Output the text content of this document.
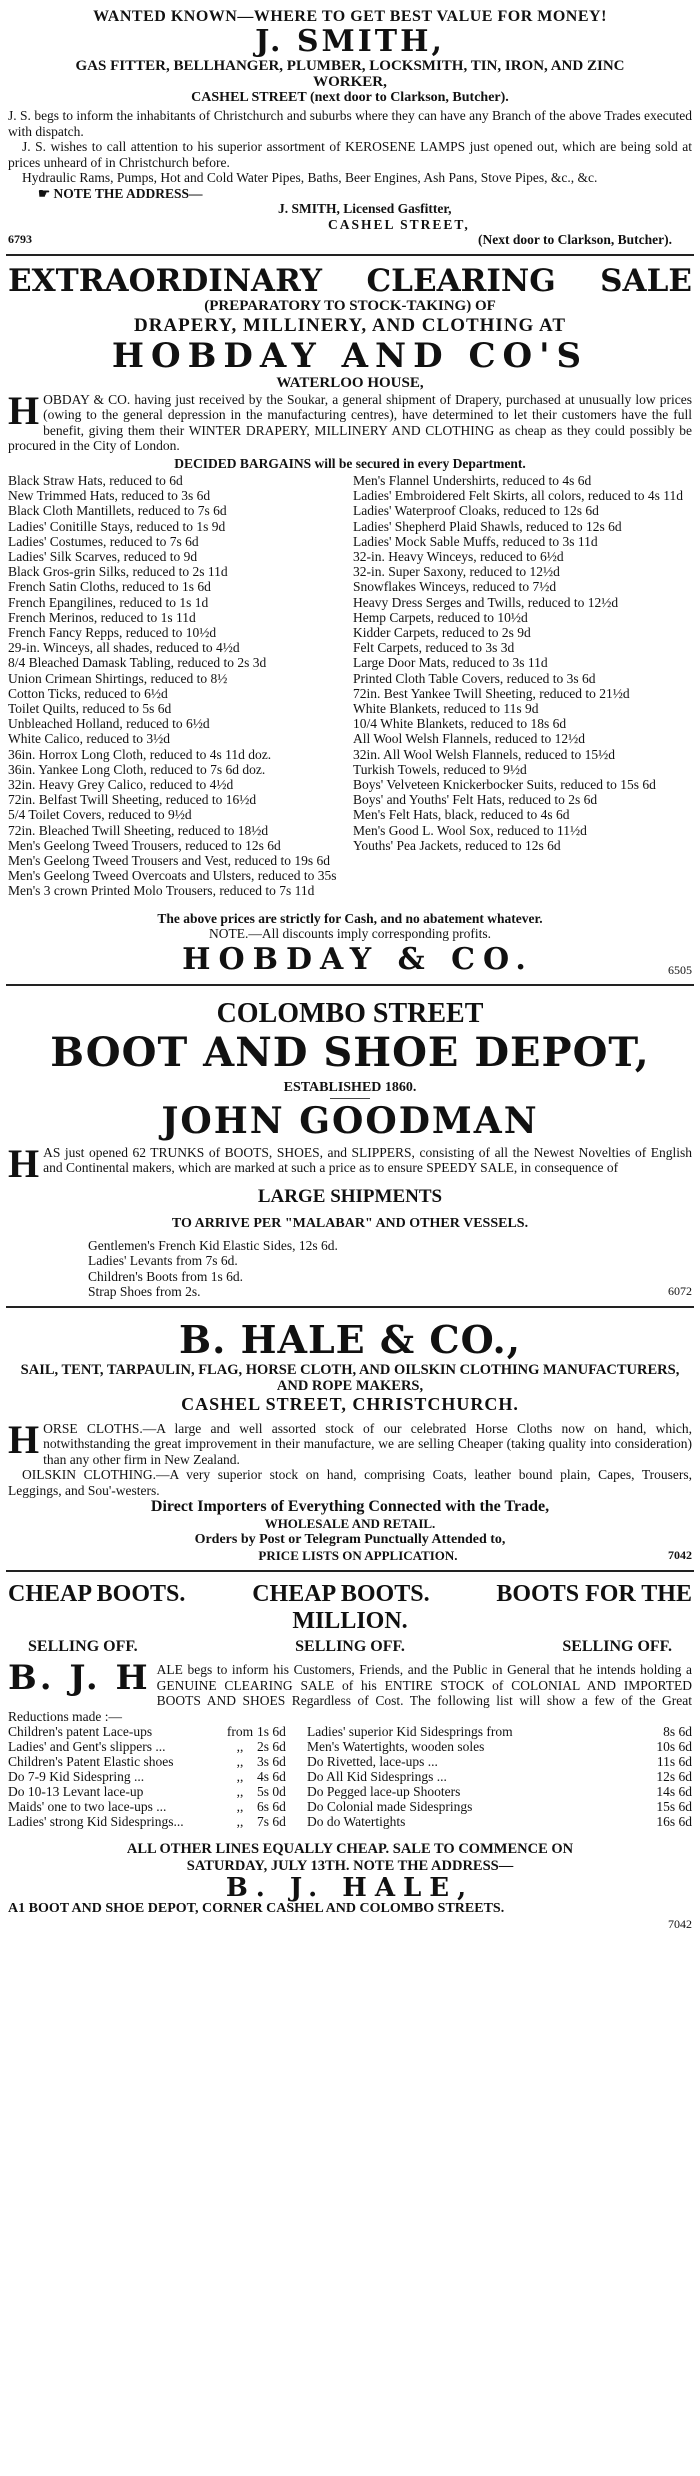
WANTED KNOWN—WHERE TO GET BEST VALUE FOR MONEY!
J. SMITH,
GAS FITTER, BELLHANGER, PLUMBER, LOCKSMITH, TIN, IRON, AND ZINC WORKER,
CASHEL STREET (next door to Clarkson, Butcher).
J. S. begs to inform the inhabitants of Christchurch and suburbs where they can have any Branch of the above Trades executed with dispatch.
J. S. wishes to call attention to his superior assortment of KEROSENE LAMPS just opened out, which are being sold at prices unheard of in Christchurch before.
Hydraulic Rams, Pumps, Hot and Cold Water Pipes, Baths, Beer Engines, Ash Pans, Stove Pipes, &c., &c.
☛ NOTE THE ADDRESS—
J. SMITH, Licensed Gasfitter,
CASHEL STREET,
6793	(Next door to Clarkson, Butcher).
EXTRAORDINARY CLEARING SALE
(PREPARATORY TO STOCK-TAKING) OF
DRAPERY, MILLINERY, AND CLOTHING AT
HOBDAY AND CO'S
WATERLOO HOUSE,
HOBDAY & CO. having just received by the Soukar, a general shipment of Drapery, purchased at unusually low prices (owing to the general depression in the manufacturing centres), have determined to let their customers have the full benefit, giving them their WINTER DRAPERY, MILLINERY AND CLOTHING as cheap as they could possibly be procured in the City of London.
DECIDED BARGAINS will be secured in every Department.
Black Straw Hats, reduced to 6d
New Trimmed Hats, reduced to 3s 6d
Black Cloth Mantillets, reduced to 7s 6d
Ladies' Conitille Stays, reduced to 1s 9d
Ladies' Costumes, reduced to 7s 6d
Ladies' Silk Scarves, reduced to 9d
Black Gros-grin Silks, reduced to 2s 11d
French Satin Cloths, reduced to 1s 6d
French Epangilines, reduced to 1s 1d
French Merinos, reduced to 1s 11d
French Fancy Repps, reduced to 10½d
29-in. Winceys, all shades, reduced to 4½d
8/4 Bleached Damask Tabling, reduced to 2s 3d
Union Crimean Shirtings, reduced to 8½
Cotton Ticks, reduced to 6½d
Toilet Quilts, reduced to 5s 6d
Unbleached Holland, reduced to 6½d
White Calico, reduced to 3½d
36in. Horrox Long Cloth, reduced to 4s 11d doz.
36in. Yankee Long Cloth, reduced to 7s 6d doz.
32in. Heavy Grey Calico, reduced to 4½d
72in. Belfast Twill Sheeting, reduced to 16½d
5/4 Toilet Covers, reduced to 9½d
72in. Bleached Twill Sheeting, reduced to 18½d
Men's Geelong Tweed Trousers, reduced to 12s 6d
Men's Geelong Tweed Trousers and Vest, reduced to 19s 6d
Men's Geelong Tweed Overcoats and Ulsters, reduced to 35s
Men's 3 crown Printed Molo Trousers, reduced to 7s 11d
Men's Flannel Undershirts, reduced to 4s 6d
Ladies' Embroidered Felt Skirts, all colors, reduced to 4s 11d
Ladies' Waterproof Cloaks, reduced to 12s 6d
Ladies' Shepherd Plaid Shawls, reduced to 12s 6d
Ladies' Mock Sable Muffs, reduced to 3s 11d
32-in. Heavy Winceys, reduced to 6½d
32-in. Super Saxony, reduced to 12½d
Snowflakes Winceys, reduced to 7½d
Heavy Dress Serges and Twills, reduced to 12½d
Hemp Carpets, reduced to 10½d
Kidder Carpets, reduced to 2s 9d
Felt Carpets, reduced to 3s 3d
Large Door Mats, reduced to 3s 11d
Printed Cloth Table Covers, reduced to 3s 6d
72in. Best Yankee Twill Sheeting, reduced to 21½d
White Blankets, reduced to 11s 9d
10/4 White Blankets, reduced to 18s 6d
All Wool Welsh Flannels, reduced to 12½d
32in. All Wool Welsh Flannels, reduced to 15½d
Turkish Towels, reduced to 9½d
Boys' Velveteen Knickerbocker Suits, reduced to 15s 6d
Boys' and Youths' Felt Hats, reduced to 2s 6d
Men's Felt Hats, black, reduced to 4s 6d
Men's Good L. Wool Sox, reduced to 11½d
Youths' Pea Jackets, reduced to 12s 6d
The above prices are strictly for Cash, and no abatement whatever.
NOTE.—All discounts imply corresponding profits.
HOBDAY & CO.	6505
COLOMBO STREET
BOOT AND SHOE DEPOT,
ESTABLISHED 1860.
JOHN GOODMAN
HAS just opened 62 TRUNKS of BOOTS, SHOES, and SLIPPERS, consisting of all the Newest Novelties of English and Continental makers, which are marked at such a price as to ensure SPEEDY SALE, in consequence of
LARGE SHIPMENTS
TO ARRIVE PER "MALABAR" AND OTHER VESSELS.
Gentlemen's French Kid Elastic Sides, 12s 6d.
Ladies' Levants from 7s 6d.
Children's Boots from 1s 6d.
Strap Shoes from 2s.	6072
B. HALE & CO.,
SAIL, TENT, TARPAULIN, FLAG, HORSE CLOTH, AND OILSKIN CLOTHING MANUFACTURERS, AND ROPE MAKERS,
CASHEL STREET, CHRISTCHURCH.
HORSE CLOTHS.—A large and well assorted stock of our celebrated Horse Cloths now on hand, which, notwithstanding the great improvement in their manufacture, we are selling Cheaper (taking quality into consideration) than any other firm in New Zealand.
OILSKIN CLOTHING.—A very superior stock on hand, comprising Coats, leather bound plain, Capes, Trousers, Leggings, and Sou'-westers.
Direct Importers of Everything Connected with the Trade,
WHOLESALE AND RETAIL.
Orders by Post or Telegram Punctually Attended to,
PRICE LISTS ON APPLICATION.	7042
CHEAP BOOTS.	CHEAP BOOTS.	BOOTS FOR THE
MILLION.
SELLING OFF.	SELLING OFF.	SELLING OFF.
B. J. H ALE begs to inform his Customers, Friends, and the Public in General that he intends holding a GENUINE CLEARING SALE of his ENTIRE STOCK of COLONIAL AND IMPORTED BOOTS AND SHOES Regardless of Cost. The following list will show a few of the Great Reductions made :—
Children's patent Lace-ups	from	1s 6d	Ladies' superior Kid Sidesprings from	8s 6d
Ladies' and Gent's slippers ...	,,	2s 6d	Men's Watertights, wooden soles	10s 6d
Children's Patent Elastic shoes	,,	3s 6d	Do Rivetted, lace-ups ...	11s 6d
Do 7-9 Kid Sidespring ...	,,	4s 6d	Do All Kid Sidesprings ...	12s 6d
Do 10-13 Levant lace-up	,,	5s 0d	Do Pegged lace-up Shooters	14s 6d
Maids' one to two lace-ups ...	,,	6s 6d	Do Colonial made Sidesprings	15s 6d
Ladies' strong Kid Sidesprings...	,,	7s 6d	Do do Watertights	16s 6d
ALL OTHER LINES EQUALLY CHEAP. SALE TO COMMENCE ON
SATURDAY, JULY 13TH. NOTE THE ADDRESS—
B. J. HALE,
A1 BOOT AND SHOE DEPOT, CORNER CASHEL AND COLOMBO STREETS.
7042
